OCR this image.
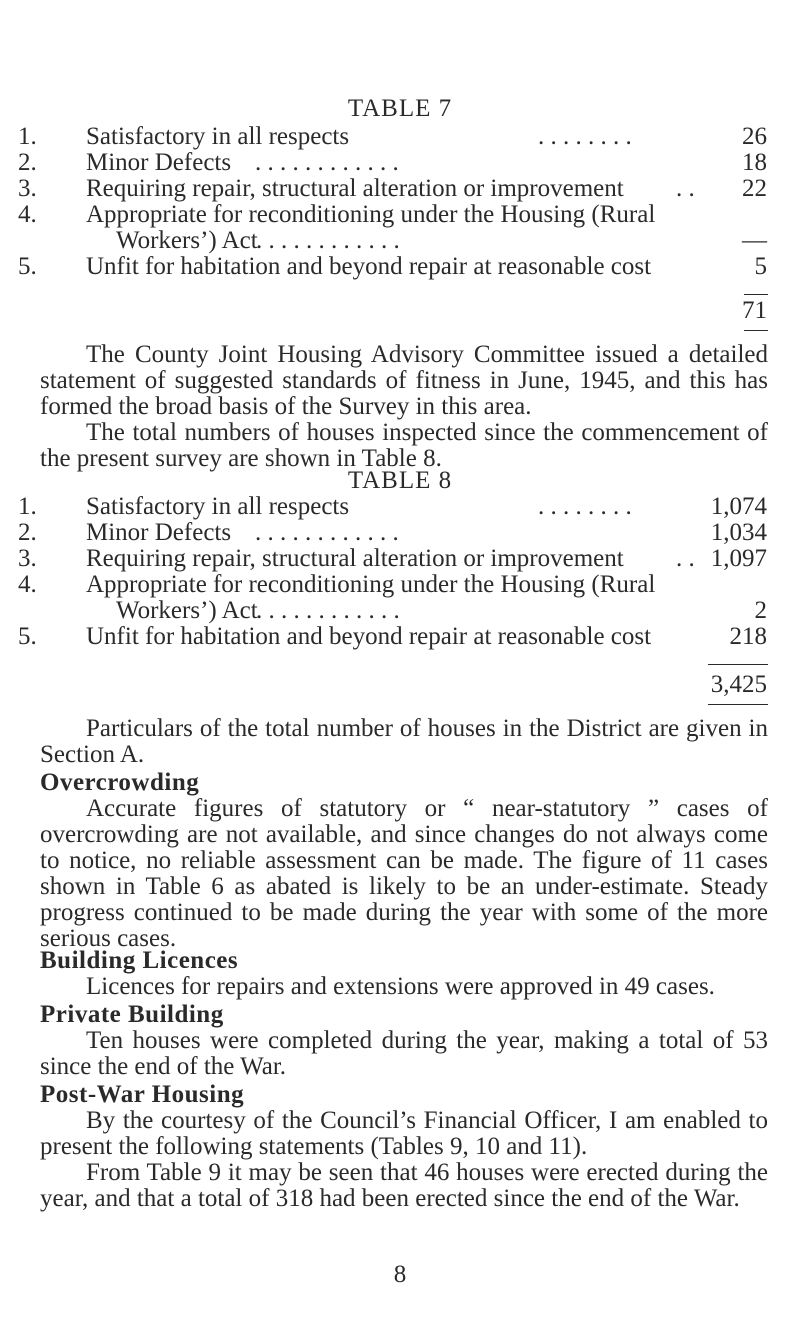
TABLE 7
1. Satisfactory in all respects	. . . . . . . .	26
2. Minor Defects . . . . . . . . . . . .	18
3. Requiring repair, structural alteration or improvement . . 22
4. Appropriate for reconditioning under the Housing (Rural
Workers’) Act
. . . . . . . . . . . .	—
5. Unfit for habitation and beyond repair at reasonable cost	5
71

The County Joint Housing Advisory Committee issued a detailed statement of suggested standards of fitness in June, 1945, and this has formed the broad basis of the Survey in this area.

The total numbers of houses inspected since the commencement of the present survey are shown in Table 8.

TABLE 8
1. Satisfactory in all respects	. . . . . . . .	1,074
2. Minor Defects . . . . . . . . . . . .	1,034
3. Requiring repair, structural alteration or improvement . . 1,097
4. Appropriate for reconditioning under the Housing (Rural
Workers’) Act
. . . . . . . . . . . .	2
5. Unfit for habitation and beyond repair at reasonable cost	218
3,425

Particulars of the total number of houses in the District are given in Section A.

Overcrowding

Accurate figures of statutory or “ near-statutory ” cases of overcrowding are not available, and since changes do not always come to notice, no reliable assessment can be made. The figure of 11 cases shown in Table 6 as abated is likely to be an under-estimate. Steady progress continued to be made during the year with some of the more serious cases.

Building Licences

Licences for repairs and extensions were approved in 49 cases.

Private Building

Ten houses were completed during the year, making a total of 53 since the end of the War.

Post-War Housing

By the courtesy of the Council’s Financial Officer, I am enabled to present the following statements (Tables 9, 10 and 11).

From Table 9 it may be seen that 46 houses were erected during the year, and that a total of 318 had been erected since the end of the War.

8
